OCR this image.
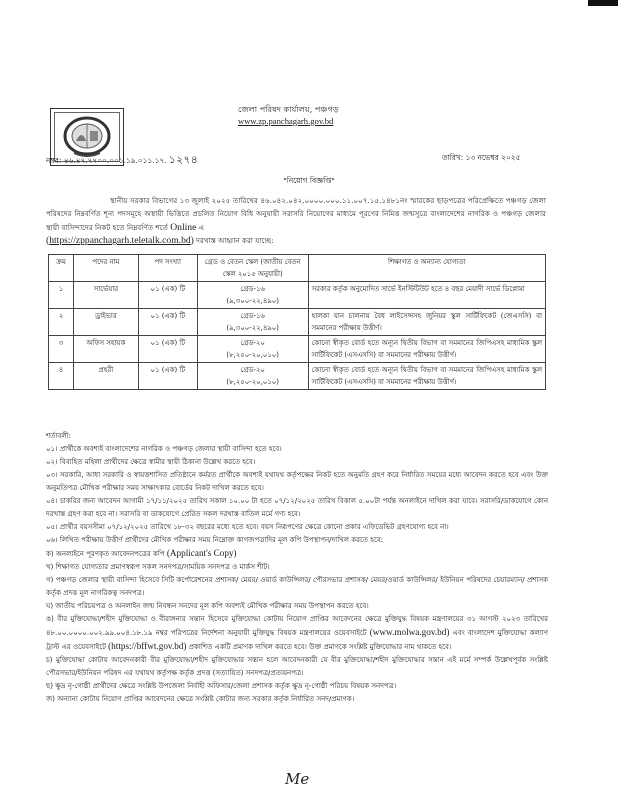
জেলা পরিষদ কার্যালয়, পঞ্চগড়
www.zp.panchagarh.gov.bd
নম্বর: ৪৬.৪৭.৭৭০০.০০১.১৯.০১১.১৭. ১২৭৪	তারিখ: ১৩ নভেম্বর ২০২৫
"নিয়োগ বিজ্ঞপ্তি"
স্থানীয় সরকার বিভাগের ১৩ জুলাই ২০২৫ তারিখের ৪৬.০৪২.০৪২.০০০০.০০০.১১.০০৭.১৫.১৪৮১নং স্মারকের ছাড়পত্রের পরিপ্রেক্ষিতে পঞ্চগড় জেলা পরিষদের নিম্নবর্ণিত শূন্য পদসমূহে অস্থায়ী ভিত্তিতে প্রচলিত নিয়োগ বিধি অনুযায়ী সরাসরি নিয়োগের মাধ্যমে পূরণের নিমিত্ত জন্মসূত্রে বাংলাদেশের নাগরিক ও পঞ্চগড় জেলার স্থায়ী বাসিন্দাদের নিকট হতে নিম্নবর্ণিত শর্তে Online এ
(https://zppanchagarh.teletalk.com.bd) দরখাস্ত আহ্বান করা যাচ্ছে:
ক্রম	পদের নাম	পদ সংখ্যা	গ্রেড ও বেতন স্কেল (জাতীয় বেতন স্কেল ২০১৫ অনুযায়ী)	শিক্ষাগত ও অন্যান্য যোগ্যতা
১	সার্ভেয়ার	০১ (এক) টি	গ্রেড-১৬
(৯,৩০০-২২,৪৯০)	সরকার কর্তৃক অনুমোদিত সার্ভে ইনস্টিটিউট হতে ৪ বছর মেয়াদী সার্ভে ডিপ্লোমা
২	ড্রাইভার	০১ (এক) টি	গ্রেড-১৬
(৯,৩০০-২২,৪৯০)	হালকা যান চালনায় বৈধ লাইসেন্সসহ জুনিয়র স্কুল সার্টিফিকেট (জেএসসি) বা সমমানের পরীক্ষায় উত্তীর্ণ।
৩	অফিস সহায়ক	০১ (এক) টি	গ্রেড-২০
(৮,২৫০-২০,০১০)	কোনো স্বীকৃত বোর্ড হতে অন্যূন দ্বিতীয় বিভাগ বা সমমানের জিপিএসহ মাধ্যমিক স্কুল সার্টিফিকেট (এসএসসি) বা সমমানের পরীক্ষায় উত্তীর্ণ।
৪	প্রহরী	০১ (এক) টি	গ্রেড-২০
(৮,২৫০-২০,০১০)	কোনো স্বীকৃত বোর্ড হতে অন্যূন দ্বিতীয় বিভাগ বা সমমানের জিপিএসহ মাধ্যমিক স্কুল সার্টিফিকেট (এসএসসি) বা সমমানের পরীক্ষায় উত্তীর্ণ।

শর্তাবলী:

০১। প্রার্থীকে অবশ্যই বাংলাদেশের নাগরিক ও পঞ্চগড় জেলার স্থায়ী বাসিন্দা হতে হবে।

০২। বিবাহিত মহিলা প্রার্থীদের ক্ষেত্রে স্বামীর স্থায়ী ঠিকানা উল্লেখ করতে হবে।

০৩। সরকারি, আধা সরকারি ও স্বায়ত্তশাসিত প্রতিষ্ঠানে কর্মরত প্রার্থীকে অবশ্যই যথাযথ কর্তৃপক্ষের নিকট হতে অনুমতি গ্রহণ করে নির্ধারিত সময়ের মধ্যে আবেদন করতে হবে এবং উক্ত অনুমতিপত্র মৌখিক পরীক্ষার সময় সাক্ষাৎকার বোর্ডের নিকট দাখিল করতে হবে।

০৪। চাকরির জন্য আবেদন আগামী ১৭/১১/২০২৫ তারিখ সকাল ১০.০০ টা হতে ০৭/১২/২০২৫ তারিখ বিকাল ৫.০০টা পর্যন্ত অনলাইনে দাখিল করা যাবে। সরাসরি/ডাকযোগে কোন দরখাস্ত গ্রহণ করা হবে না। সরাসরি বা ডাকযোগে প্রেরিত সকল দরখাস্ত বাতিল মর্মে গণ্য হবে।

০৫। প্রার্থীর বয়সসীমা ০৭/১২/২০২৫ তারিখে ১৮-৩২ বছরের মধ্যে হতে হবে। বয়স নিরূপণের ক্ষেত্রে কোনো প্রকার এফিডেভিট গ্রহণযোগ্য হবে না।

০৬। লিখিত পরীক্ষায় উত্তীর্ণ প্রার্থীদের মৌখিক পরীক্ষার সময় নিম্নোক্ত কাগজপত্রাদির মূল কপি উপস্থাপন/দাখিল করতে হবে:

ক) অনলাইনে পূরণকৃত আবেদনপত্রের কপি (Applicant's Copy)

খ) শিক্ষাগত যোগ্যতার প্রমাণস্বরূপ সকল সনদপত্র/সাময়িক সনদপত্র ও মার্কস শীট।

গ) পঞ্চগড় জেলার স্থায়ী বাসিন্দা হিসেবে সিটি কর্পোরেশনের প্রশাসক/ মেয়র/ ওয়ার্ড কাউন্সিলর/ পৌরসভার প্রশাসক/ মেয়র/ওয়ার্ড কাউন্সিলর/ ইউনিয়ন পরিষদের চেয়ারম্যান/ প্রশাসক কর্তৃক প্রদত্ত মূল নাগরিকত্ব সনদপত্র।

ঘ) জাতীয় পরিচয়পত্র ও অনলাইন জন্ম নিবন্ধন সনদের মূল কপি অবশ্যই মৌখিক পরীক্ষার সময় উপস্থাপন করতে হবে।

ঙ) বীর মুক্তিযোদ্ধা/শহীদ মুক্তিযোদ্ধা ও বীরাঙ্গনার সন্তান হিসেবে মুক্তিযোদ্ধা কোটায় নিয়োগ প্রাপ্তির আবেদনের ক্ষেত্রে মুক্তিযুদ্ধ বিষয়ক মন্ত্রণালয়ের ৩১ আগস্ট ২০২৩ তারিখের ৪৮.০০.০০০০.০০২.৯৯.০০৪.১৮.১৯ নম্বর পরিপত্রের নির্দেশনা অনুযায়ী মুক্তিযুদ্ধ বিষয়ক মন্ত্রণালয়ের ওয়েবসাইটে (www.molwa.gov.bd) এবং বাংলাদেশ মুক্তিযোদ্ধা কল্যাণ ট্রাস্ট এর ওয়েবসাইটে (https://bffwt.gov.bd) প্রকাশিত একটি প্রমাণক দাখিল করতে হবে। উক্ত প্রমাণকে সংশ্লিষ্ট মুক্তিযোদ্ধার নাম থাকতে হবে।

চ) মুক্তিযোদ্ধা কোটায় আবেদনকারী বীর মুক্তিযোদ্ধা/শহীদ মুক্তিযোদ্ধার সন্তান হলে আবেদনকারী যে বীর মুক্তিযোদ্ধা/শহীদ মুক্তিযোদ্ধার সন্তান এই মর্মে সম্পর্ক উল্লেখপূর্বক সংশ্লিষ্ট পৌরসভার/ইউনিয়ন পরিষদ এর যথাযথ কর্তৃপক্ষ কর্তৃক প্রদত্ত (সত্যায়িত) সনদপত্র/প্রত্যয়নপত্র।

ছ) ক্ষুদ্র নৃ-গোষ্ঠী প্রার্থীদের ক্ষেত্রে সংশ্লিষ্ট উপজেলা নির্বাহী অফিসার/জেলা প্রশাসক কর্তৃক ক্ষুদ্র নৃ-গোষ্ঠী পরিচয় বিষয়ক সনদপত্র।

জ) অন্যান্য কোটায় নিয়োগ প্রাপ্তির আবেদনের ক্ষেত্রে সংশ্লিষ্ট কোটার জন্য সরকার কর্তৃক নির্ধারিত সনদ/প্রমাণক।

Me
